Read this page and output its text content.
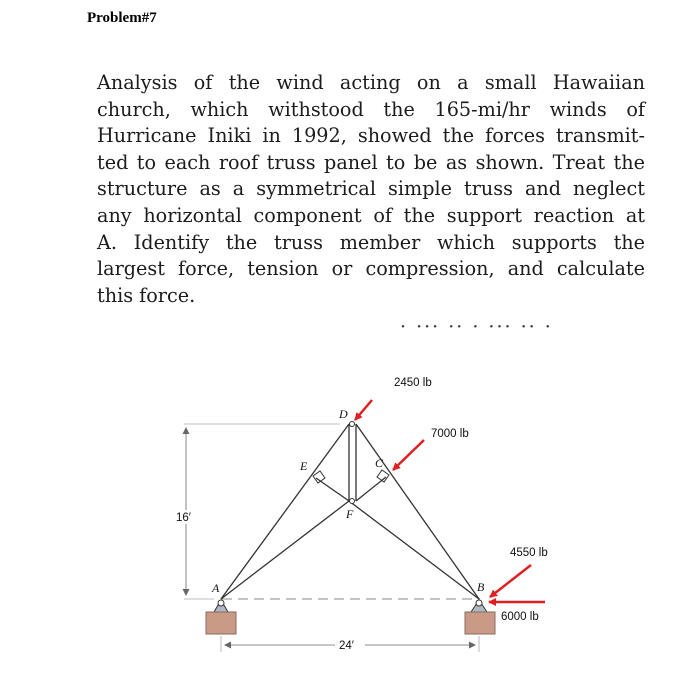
Problem#7

Analysis of the wind acting on a small Hawaiian
church, which withstood the 165-mi/hr winds of
Hurricane Iniki in 1992, showed the forces transmit-
ted to each roof truss panel to be as shown. Treat the
structure as a symmetrical simple truss and neglect
any horizontal component of the support reaction at
A. Identify the truss member which supports the
largest force, tension or compression, and calculate
this force.

· ··· ·· · ··· ·· ·
2450 lb
7000 lb
4550 lb
6000 lb
D
C
E
F
A	B
16′
24′
